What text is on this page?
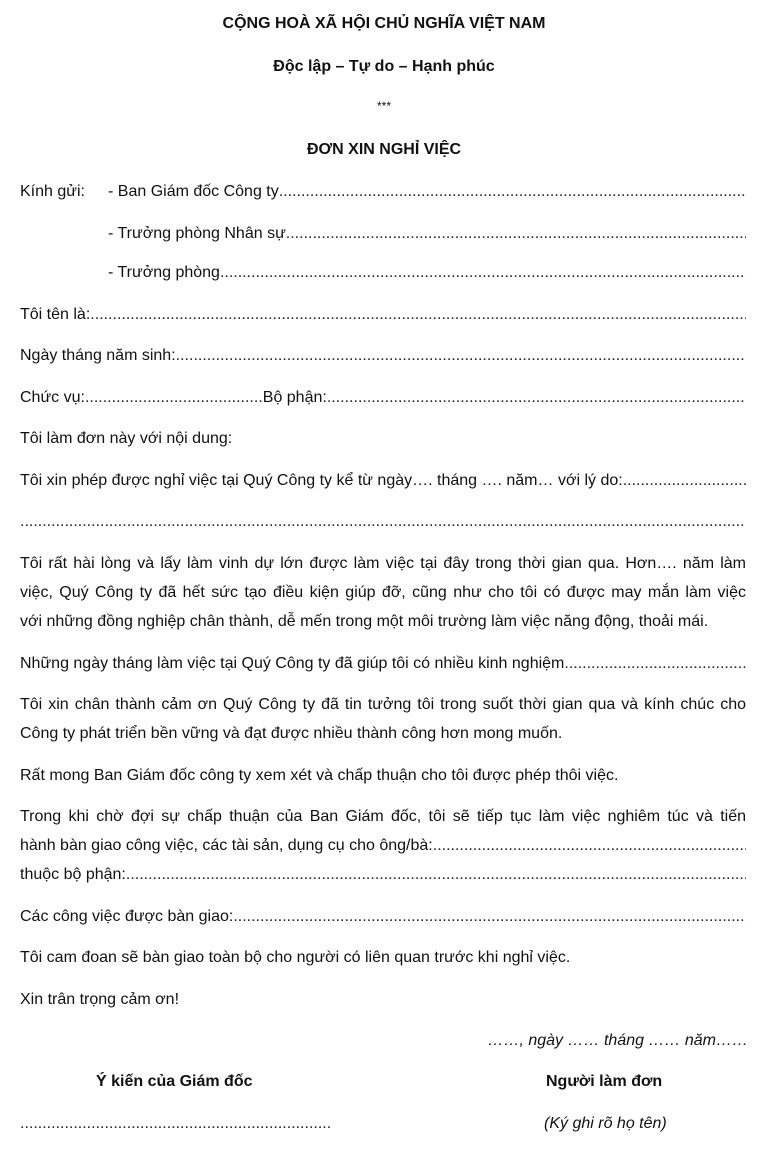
CỘNG HOÀ XÃ HỘI CHỦ NGHĨA VIỆT NAM
Độc lập – Tự do – Hạnh phúc
***
ĐƠN XIN NGHỈ VIỆC
Kính gửi:	- Ban Giám đốc Công ty
.....
- Trưởng phòng Nhân sự
.....
- Trưởng phòng
.....
Tôi tên là:
.....
Ngày tháng năm sinh:
.....
Chức vụ: ........................................ Bộ phận:
.....
Tôi làm đơn này với nội dung:
Tôi xin phép được nghỉ việc tại Quý Công ty kể từ ngày…. tháng …. năm… với lý do:
.....
.....
Tôi rất hài lòng và lấy làm vinh dự lớn được làm việc tại đây trong thời gian qua. Hơn…. năm làm
việc, Quý Công ty đã hết sức tạo điều kiện giúp đỡ, cũng như cho tôi có được may mắn làm việc
với những đồng nghiệp chân thành, dễ mến trong một môi trường làm việc năng động, thoải mái.
Những ngày tháng làm việc tại Quý Công ty đã giúp tôi có nhiều kinh nghiệm
.....
Tôi xin chân thành cảm ơn Quý Công ty đã tin tưởng tôi trong suốt thời gian qua và kính chúc cho
Công ty phát triển bền vững và đạt được nhiều thành công hơn mong muốn.
Rất mong Ban Giám đốc công ty xem xét và chấp thuận cho tôi được phép thôi việc.
Trong khi chờ đợi sự chấp thuận của Ban Giám đốc, tôi sẽ tiếp tục làm việc nghiêm túc và tiến
hành bàn giao công việc, các tài sản, dụng cụ cho ông/bà:
.....
thuộc bộ phận:
.....
Các công việc được bàn giao:
.....
Tôi cam đoan sẽ bàn giao toàn bộ cho người có liên quan trước khi nghỉ việc.
Xin trân trọng cảm ơn!
……, ngày …… tháng …… năm……
Ý kiến của Giám đốc	Người làm đơn
......................................................................	(Ký ghi rõ họ tên)
